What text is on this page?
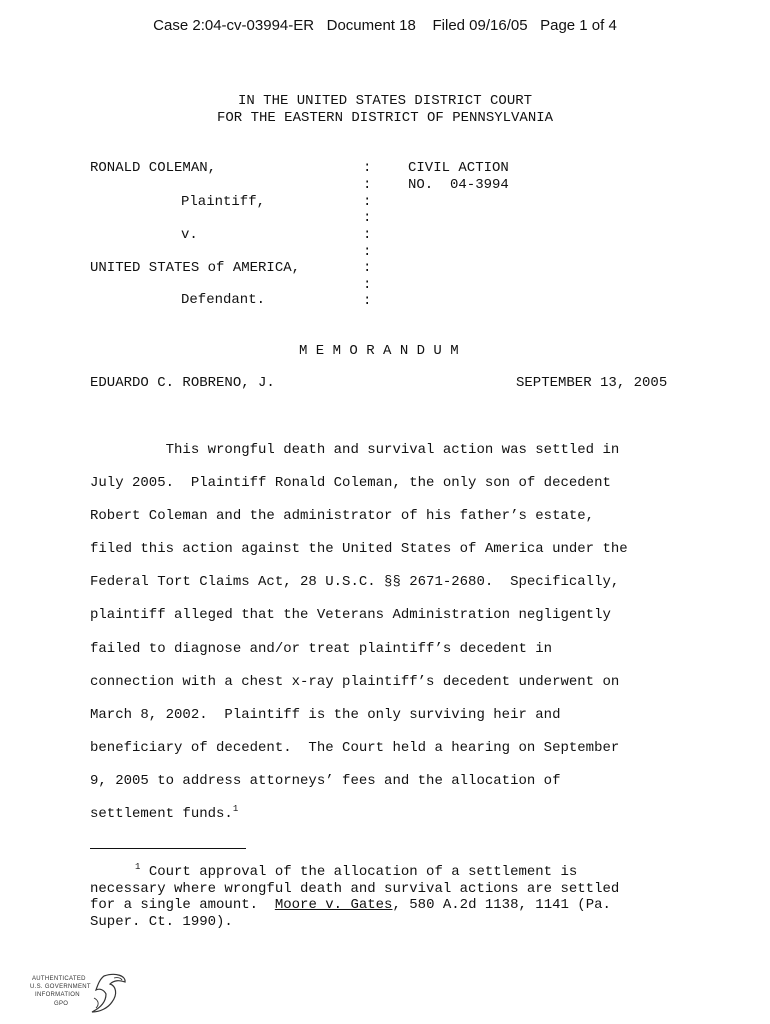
Case 2:04-cv-03994-ER Document 18 Filed 09/16/05 Page 1 of 4
IN THE UNITED STATES DISTRICT COURT
FOR THE EASTERN DISTRICT OF PENNSYLVANIA
RONALD COLEMAN,
Plaintiff,
v.
UNITED STATES of AMERICA,
Defendant.
:
:
:
:
:
:
:
:
:
CIVIL ACTION
NO.  04-3994
M E M O R A N D U M
EDUARDO C. ROBRENO, J.	SEPTEMBER 13, 2005
This wrongful death and survival action was settled in
July 2005.  Plaintiff Ronald Coleman, the only son of decedent
Robert Coleman and the administrator of his father’s estate,
filed this action against the United States of America under the
Federal Tort Claims Act, 28 U.S.C. §§ 2671-2680.  Specifically,
plaintiff alleged that the Veterans Administration negligently
failed to diagnose and/or treat plaintiff’s decedent in
connection with a chest x-ray plaintiff’s decedent underwent on
March 8, 2002.  Plaintiff is the only surviving heir and
beneficiary of decedent.  The Court held a hearing on September
9, 2005 to address attorneys’ fees and the allocation of
settlement funds.$^1$
$^1$ Court approval of the allocation of a settlement is
necessary where wrongful death and survival actions are settled
for a single amount.  Moore v. Gates, 580 A.2d 1138, 1141 (Pa.
Super. Ct. 1990).
AUTHENTICATED
U.S. GOVERNMENT
INFORMATION
GPO
